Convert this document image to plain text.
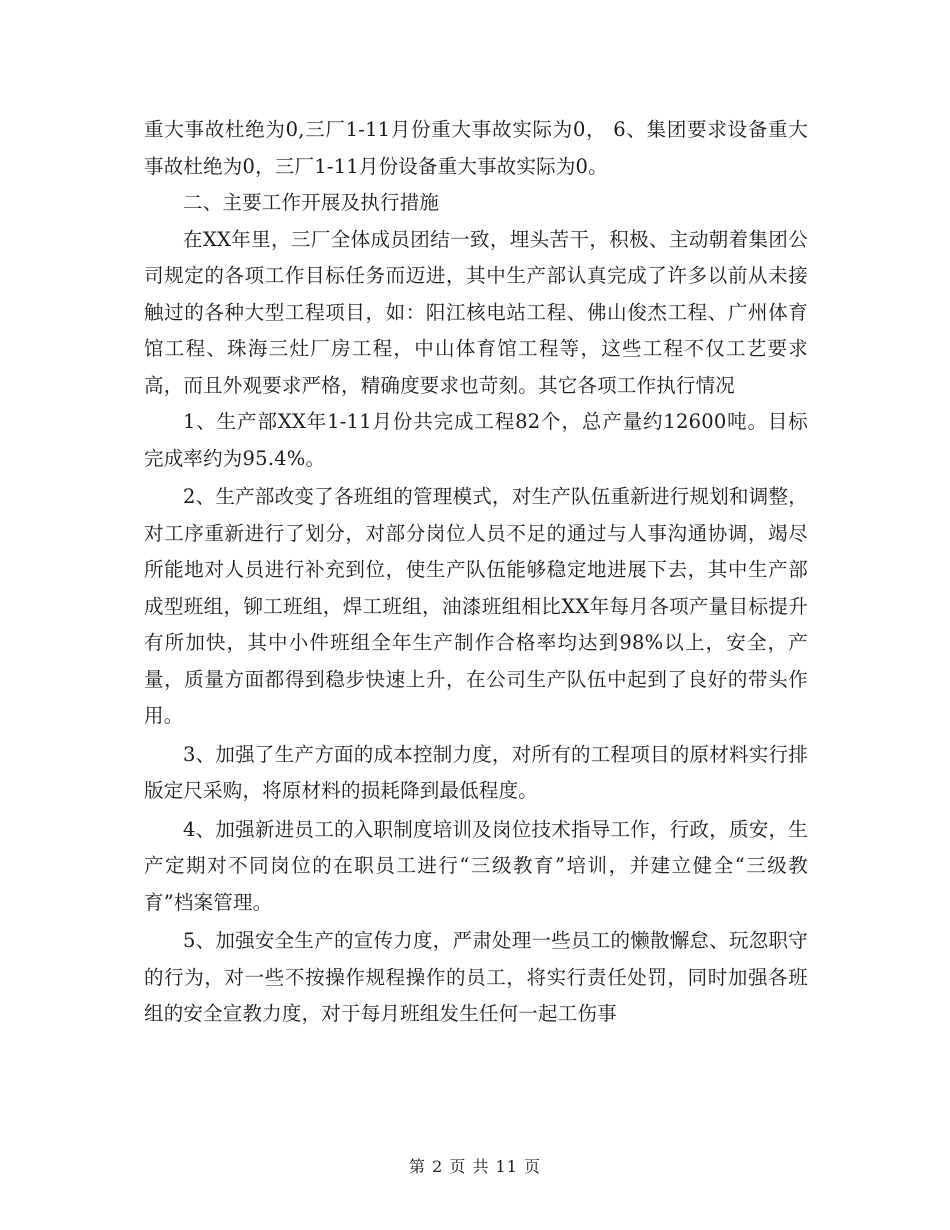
重大事故杜绝为0,三厂1-11月份重大事故实际为0， 6、集团要求设备重大事故杜绝为0，三厂1-11月份设备重大事故实际为0。

二、主要工作开展及执行措施

在XX年里，三厂全体成员团结一致，埋头苦干，积极、主动朝着集团公司规定的各项工作目标任务而迈进，其中生产部认真完成了许多以前从未接触过的各种大型工程项目，如：阳江核电站工程、佛山俊杰工程、广州体育馆工程、珠海三灶厂房工程，中山体育馆工程等，这些工程不仅工艺要求高，而且外观要求严格，精确度要求也苛刻。其它各项工作执行情况

1、生产部XX年1-11月份共完成工程82个，总产量约12600吨。目标完成率约为95.4%。

2、生产部改变了各班组的管理模式，对生产队伍重新进行规划和调整，对工序重新进行了划分，对部分岗位人员不足的通过与人事沟通协调，竭尽所能地对人员进行补充到位，使生产队伍能够稳定地进展下去，其中生产部成型班组，铆工班组，焊工班组，油漆班组相比XX年每月各项产量目标提升有所加快，其中小件班组全年生产制作合格率均达到98%以上，安全，产量，质量方面都得到稳步快速上升，在公司生产队伍中起到了良好的带头作用。

3、加强了生产方面的成本控制力度，对所有的工程项目的原材料实行排版定尺采购，将原材料的损耗降到最低程度。

4、加强新进员工的入职制度培训及岗位技术指导工作，行政，质安，生产定期对不同岗位的在职员工进行“三级教育”培训，并建立健全“三级教育”档案管理。

5、加强安全生产的宣传力度，严肃处理一些员工的懒散懈怠、玩忽职守的行为，对一些不按操作规程操作的员工，将实行责任处罚，同时加强各班组的安全宣教力度，对于每月班组发生任何一起工伤事

第 2 页 共 11 页
